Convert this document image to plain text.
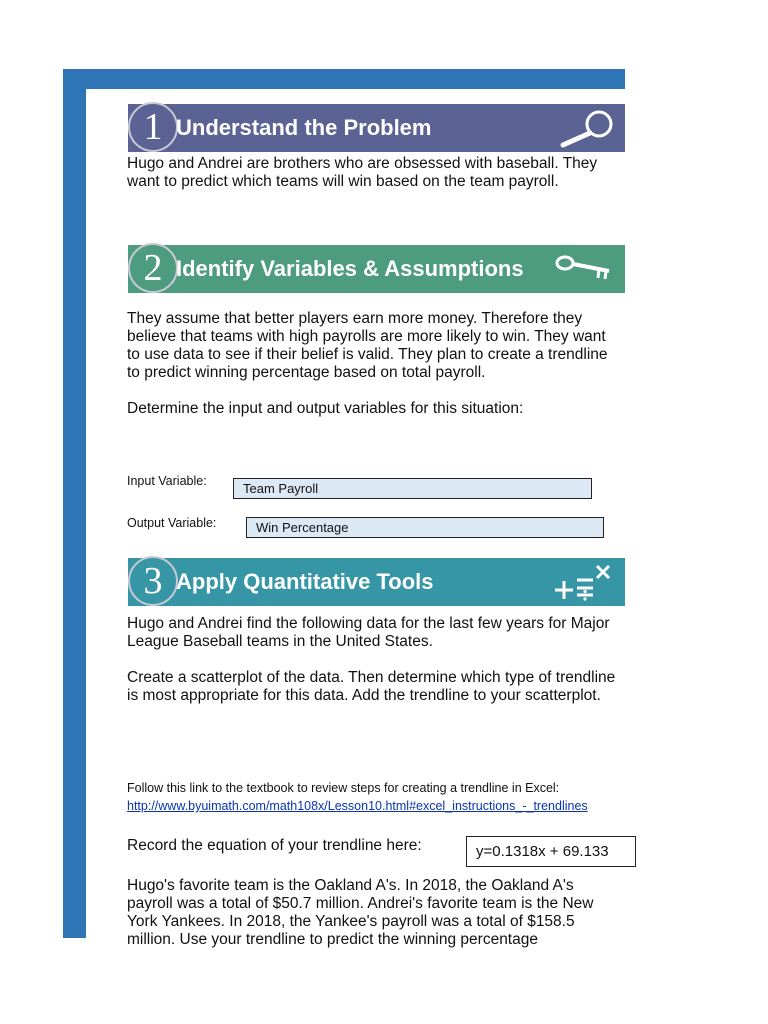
1 Understand the Problem
Hugo and Andrei are brothers who are obsessed with baseball. They want to predict which teams will win based on the team payroll.
2 Identify Variables & Assumptions
They assume that better players earn more money. Therefore they believe that teams with high payrolls are more likely to win. They want to use data to see if their belief is valid. They plan to create a trendline to predict winning percentage based on total payroll.
Determine the input and output variables for this situation:
Input Variable:	Team Payroll
Output Variable:	Win Percentage
3 Apply Quantitative Tools
Hugo and Andrei find the following data for the last few years for Major League Baseball teams in the United States.
Create a scatterplot of the data. Then determine which type of trendline is most appropriate for this data. Add the trendline to your scatterplot.
Follow this link to the textbook to review steps for creating a trendline in Excel:
http://www.byuimath.com/math108x/Lesson10.html#excel_instructions_-_trendlines
Record the equation of your trendline here:	y=0.1318x + 69.133
Hugo's favorite team is the Oakland A's. In 2018, the Oakland A's payroll was a total of $50.7 million. Andrei's favorite team is the New York Yankees. In 2018, the Yankee's payroll was a total of $158.5 million. Use your trendline to predict the winning percentage
